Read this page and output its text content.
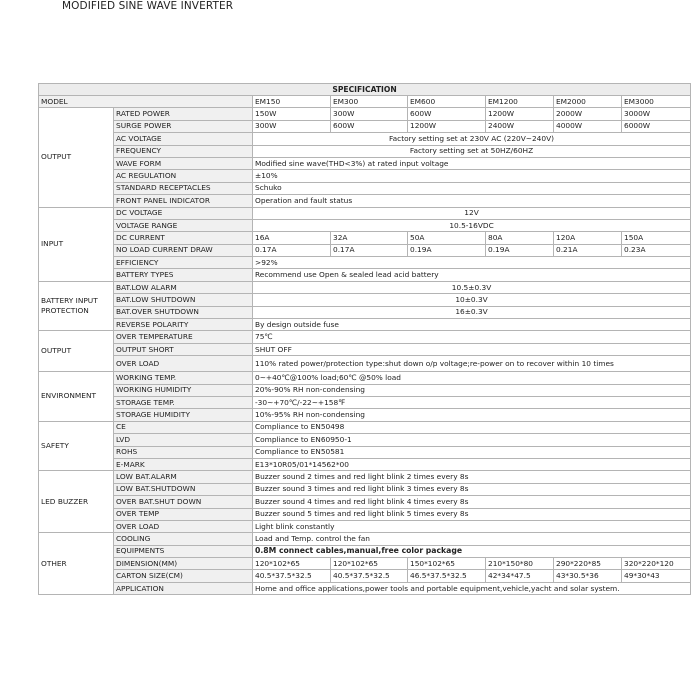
MODIFIED SINE WAVE INVERTER
SPECIFICATION							
MODEL		EM150	EM300	EM600	EM1200	EM2000	EM3000
OUTPUT	RATED POWER	150W	300W	600W	1200W	2000W	3000W
	SURGE POWER	300W	600W	1200W	2400W	4000W	6000W
	AC VOLTAGE	Factory setting set at 230V AC (220V~240V)					
	FREQUENCY	Factory setting set at 50HZ/60HZ					
	WAVE FORM	Modified sine wave(THD<3%) at rated input voltage					
	AC REGULATION	±10%					
	STANDARD RECEPTACLES	Schuko					
	FRONT PANEL INDICATOR	Operation and fault status					
INPUT	DC VOLTAGE	12V					
	VOLTAGE RANGE	10.5-16VDC					
	DC CURRENT	16A	32A	50A	80A	120A	150A
	NO LOAD CURRENT DRAW	0.17A	0.17A	0.19A	0.19A	0.21A	0.23A
	EFFICIENCY	>92%					
	BATTERY TYPES	Recommend use Open & sealed lead acid battery					

BATTERY INPUT
PROTECTION	BAT.LOW ALARM	10.5±0.3V					
	BAT.LOW SHUTDOWN	10±0.3V					
	BAT.OVER SHUTDOWN	16±0.3V					
	REVERSE POLARITY	By design outside fuse					
OUTPUT	OVER TEMPERATURE	75℃					
	OUTPUT SHORT	SHUT OFF					
	OVER LOAD	110% rated power/protection type:shut down o/p voltage;re-power on to recover within 10 times					
ENVIRONMENT	WORKING TEMP.	0~+40℃@100% load;60℃ @50% load					
	WORKING HUMIDITY	20%-90% RH non-condensing					
	STORAGE TEMP.	-30~+70℃/-22~+158℉					
	STORAGE HUMIDITY	10%-95% RH non-condensing					
SAFETY	CE	Compliance to EN50498					
	LVD	Compliance to EN60950-1					
	ROHS	Compliance to EN50581					
	E-MARK	E13*10R05/01*14562*00					
LED BUZZER	LOW BAT.ALARM	Buzzer sound 2 times and red light blink 2 times every 8s					
	LOW BAT.SHUTDOWN	Buzzer sound 3 times and red light blink 3 times every 8s					
	OVER BAT.SHUT DOWN	Buzzer sound 4 times and red light blink 4 times every 8s					
	OVER TEMP	Buzzer sound 5 times and red light blink 5 times every 8s					
	OVER LOAD	Light blink constantly					
OTHER	COOLING	Load and Temp. control the fan					
	EQUIPMENTS	0.8M connect cables,manual,free color package					
	DIMENSION(MM)	120*102*65	120*102*65	150*102*65	210*150*80	290*220*85	320*220*120
	CARTON SIZE(CM)	40.5*37.5*32.5	40.5*37.5*32.5	46.5*37.5*32.5	42*34*47.5	43*30.5*36	49*30*43
	APPLICATION	Home and office applications,power tools and portable equipment,vehicle,yacht and solar system.					
